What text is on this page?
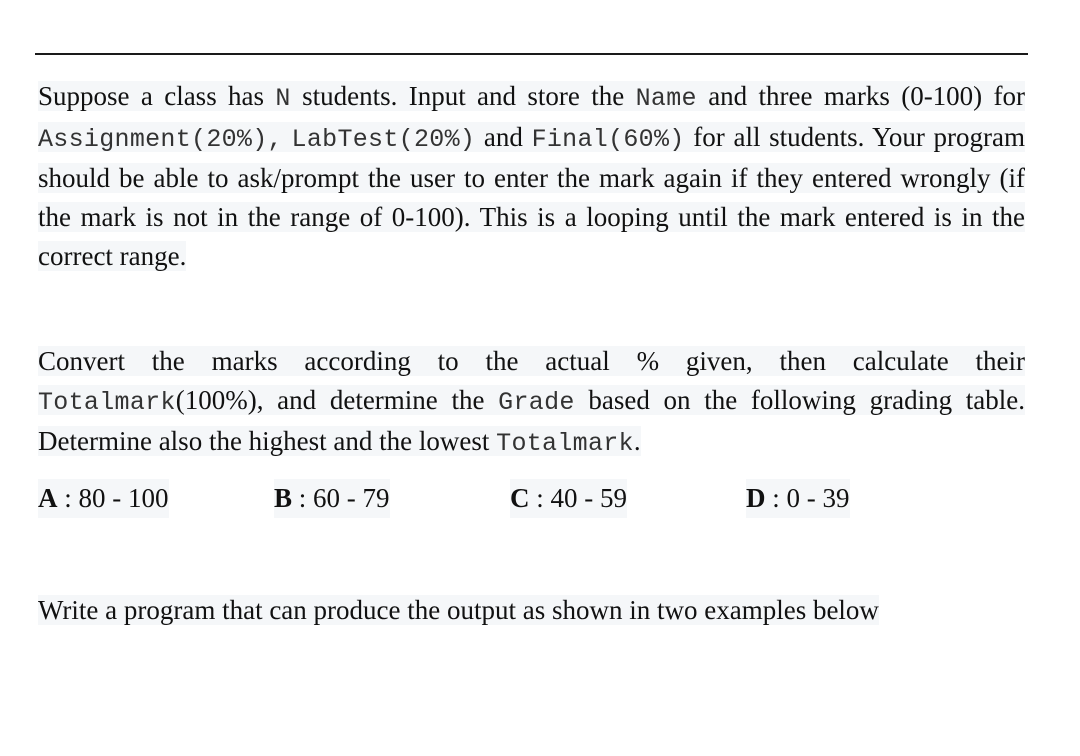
Suppose a class has N students. Input and store the Name and three marks (0-100) for Assignment(20%), LabTest(20%) and Final(60%) for all students. Your program should be able to ask/prompt the user to enter the mark again if they entered wrongly (if the mark is not in the range of 0-100). This is a looping until the mark entered is in the correct range.

Convert the marks according to the actual % given, then calculate their Totalmark(100%), and determine the Grade based on the following grading table. Determine also the highest and the lowest Totalmark.

A : 80 - 100	B : 60 - 79	C : 40 - 59	D : 0 - 39

Write a program that can produce the output as shown in two examples below
